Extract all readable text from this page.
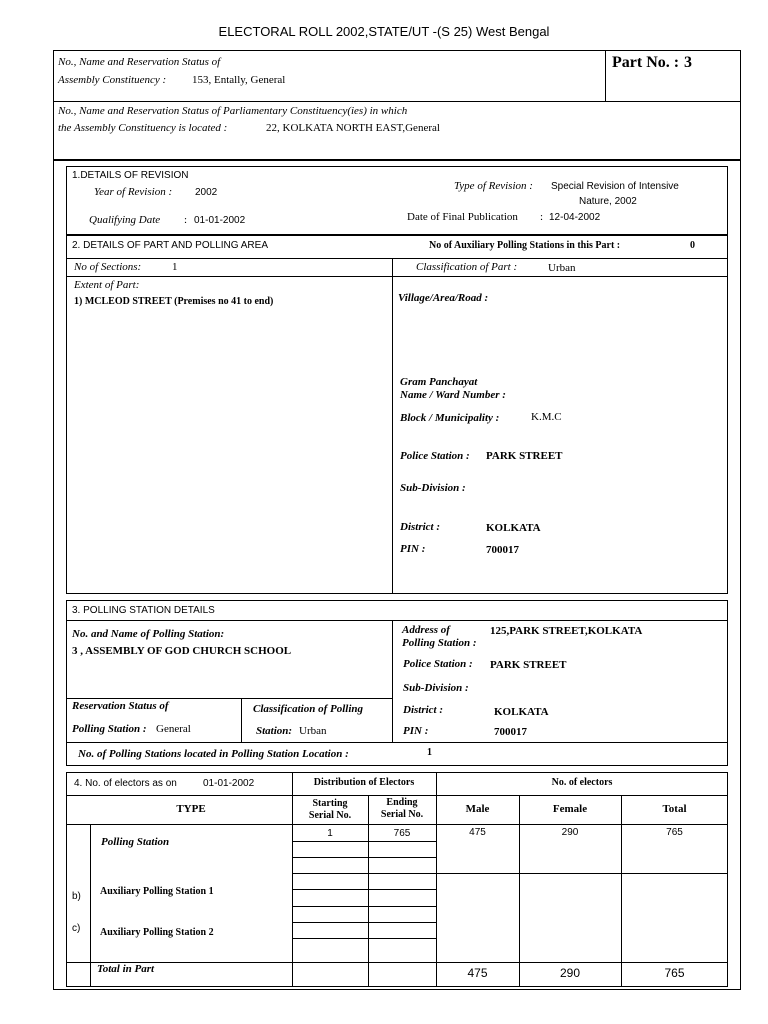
ELECTORAL ROLL 2002,STATE/UT -(S 25) West Bengal
No., Name and Reservation Status of
Assembly Constituency : 153, Entally, General
Part No. : 3
No., Name and Reservation Status of Parliamentary Constituency(ies) in which
the Assembly Constituency is located :	22, KOLKATA NORTH EAST,General
1.DETAILS OF REVISION
Year of Revision : 2002
Type of Revision : Special Revision of Intensive
Nature, 2002
Qualifying Date : 01-01-2002	Date of Final Publication : 12-04-2002
2. DETAILS OF PART AND POLLING AREA	No of Auxiliary Polling Stations in this Part :	0
No of Sections:	1	Classification of Part :	Urban
Extent of Part:
1) MCLEOD STREET (Premises no 41 to end)	Village/Area/Road :
Gram Panchayat
Name / Ward Number :
Block / Municipality :	K.M.C
Police Station : PARK STREET
Sub-Division :
District :	KOLKATA
PIN :	700017
3. POLLING STATION DETAILS
No. and Name of Polling Station:
3 , ASSEMBLY OF GOD CHURCH SCHOOL
Address of
Polling Station :
125,PARK STREET,KOLKATA
Police Station : PARK STREET
Sub-Division :
Reservation Status of
Polling Station : General
Classification of Polling
Station: Urban
District :	KOLKATA
PIN :	700017
No. of Polling Stations located in Polling Station Location :	1
4. No. of electors as on	01-01-2002	Distribution of Electors	No. of electors
TYPE	Starting
Serial No.
Ending
Serial No.	Male	Female	Total
Polling Station
1	765	475	290	765
b) Auxiliary Polling Station 1
c) Auxiliary Polling Station 2
Total in Part	475	290	765
